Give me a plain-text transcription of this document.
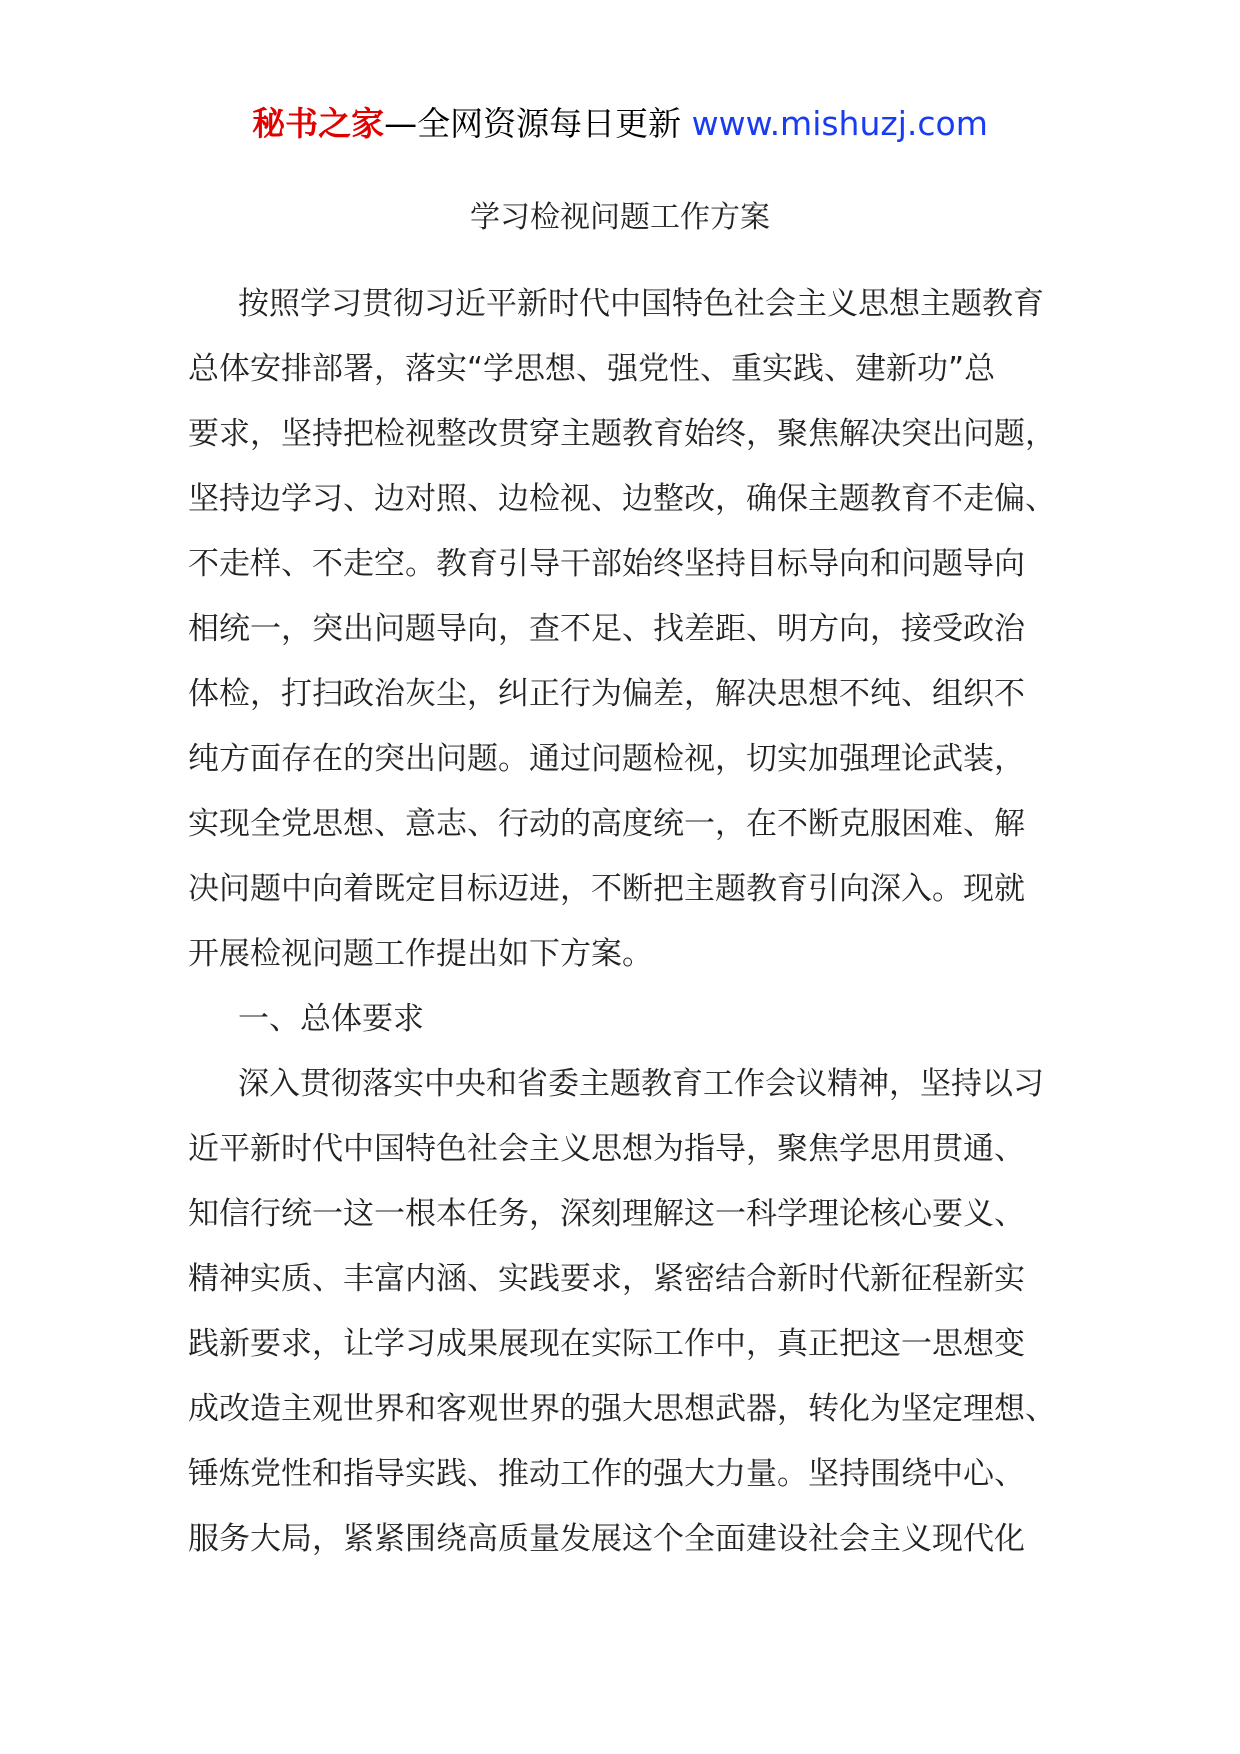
秘书之家—全网资源每日更新 www.mishuzj.com
学习检视问题工作方案
按照学习贯彻习近平新时代中国特色社会主义思想主题教育
总体安排部署，落实“学思想、强党性、重实践、建新功”总
要求，坚持把检视整改贯穿主题教育始终，聚焦解决突出问题，
坚持边学习、边对照、边检视、边整改，确保主题教育不走偏、
不走样、不走空。教育引导干部始终坚持目标导向和问题导向
相统一，突出问题导向，查不足、找差距、明方向，接受政治
体检，打扫政治灰尘，纠正行为偏差，解决思想不纯、组织不
纯方面存在的突出问题。通过问题检视，切实加强理论武装，
实现全党思想、意志、行动的高度统一，在不断克服困难、解
决问题中向着既定目标迈进，不断把主题教育引向深入。现就
开展检视问题工作提出如下方案。
一、总体要求
深入贯彻落实中央和省委主题教育工作会议精神，坚持以习
近平新时代中国特色社会主义思想为指导，聚焦学思用贯通、
知信行统一这一根本任务，深刻理解这一科学理论核心要义、
精神实质、丰富内涵、实践要求，紧密结合新时代新征程新实
践新要求，让学习成果展现在实际工作中，真正把这一思想变
成改造主观世界和客观世界的强大思想武器，转化为坚定理想、
锤炼党性和指导实践、推动工作的强大力量。坚持围绕中心、
服务大局，紧紧围绕高质量发展这个全面建设社会主义现代化
